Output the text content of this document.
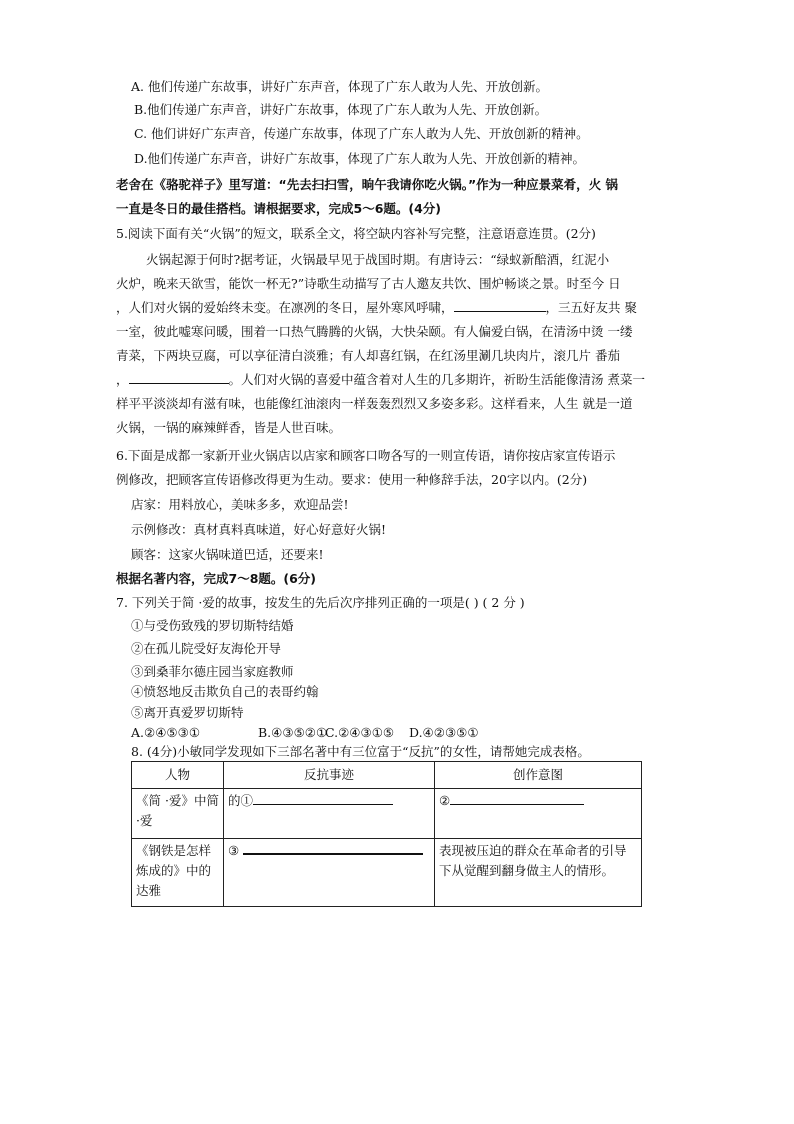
A. 他们传递广东故事，讲好广东声音，体现了广东人敢为人先、开放创新。
B.他们传递广东声音，讲好广东故事，体现了广东人敢为人先、开放创新。
C. 他们讲好广东声音，传递广东故事，体现了广东人敢为人先、开放创新的精神。
D.他们传递广东声音，讲好广东故事，体现了广东人敢为人先、开放创新的精神。
老舍在《骆驼祥子》里写道：“先去扫扫雪，晌午我请你吃火锅。”作为一种应景菜肴，火 锅
一直是冬日的最佳搭档。请根据要求，完成5～6题。(4分)
5.阅读下面有关“火锅”的短文，联系全文，将空缺内容补写完整，注意语意连贯。(2分)
火锅起源于何时?据考证，火锅最早见于战国时期。有唐诗云：“绿蚁新醅酒，红泥小
火炉，晚来天欲雪，能饮一杯无?”诗歌生动描写了古人邀友共饮、围炉畅谈之景。时至今 日
，人们对火锅的爱始终未变。在凛冽的冬日，屋外寒风呼啸，	，三五好友共 聚
一室，彼此嘘寒问暖，围着一口热气腾腾的火锅，大快朵颐。有人偏爱白锅，在清汤中烫 一缕
青菜，下两块豆腐，可以享征清白淡雅；有人却喜红锅，在红汤里涮几块肉片，滚几片 番茄
，	。人们对火锅的喜爱中蕴含着对人生的几多期许，祈盼生活能像清汤 煮菜一
样平平淡淡却有滋有味，也能像红油滚肉一样轰轰烈烈又多姿多彩。这样看来，人生 就是一道
火锅，一锅的麻辣鲜香，皆是人世百味。
6.下面是成都一家新开业火锅店以店家和顾客口吻各写的一则宣传语，请你按店家宣传语示
例修改，把顾客宣传语修改得更为生动。要求：使用一种修辞手法，20字以内。(2分)
店家：用料放心，美味多多，欢迎品尝!
示例修改：真材真料真味道，好心好意好火锅!
顾客：这家火锅味道巴适，还要来!
根据名著内容，完成7～8题。(6分)
7. 下列关于简 ·爱的故事，按发生的先后次序排列正确的一项是( ) ( 2 分 )
①与受伤致残的罗切斯特结婚
②在孤儿院受好友海伦开导
③到桑菲尔德庄园当家庭教师
④愤怒地反击欺负自己的表哥约翰
⑤离开真爱罗切斯特
A.②④⑤③①	B.④③⑤②①
C.②④③①⑤ D.④②③⑤①
8. (4分)小敏同学发现如下三部名著中有三位富于“反抗”的女性，请帮她完成表格。
人物	反抗事迹	创作意图
《简 ·爱》中简 ·爱	的①	②
《钢铁是怎样炼成的》中的达雅	③	表现被压迫的群众在革命者的引导下从觉醒到翻身做主人的情形。
